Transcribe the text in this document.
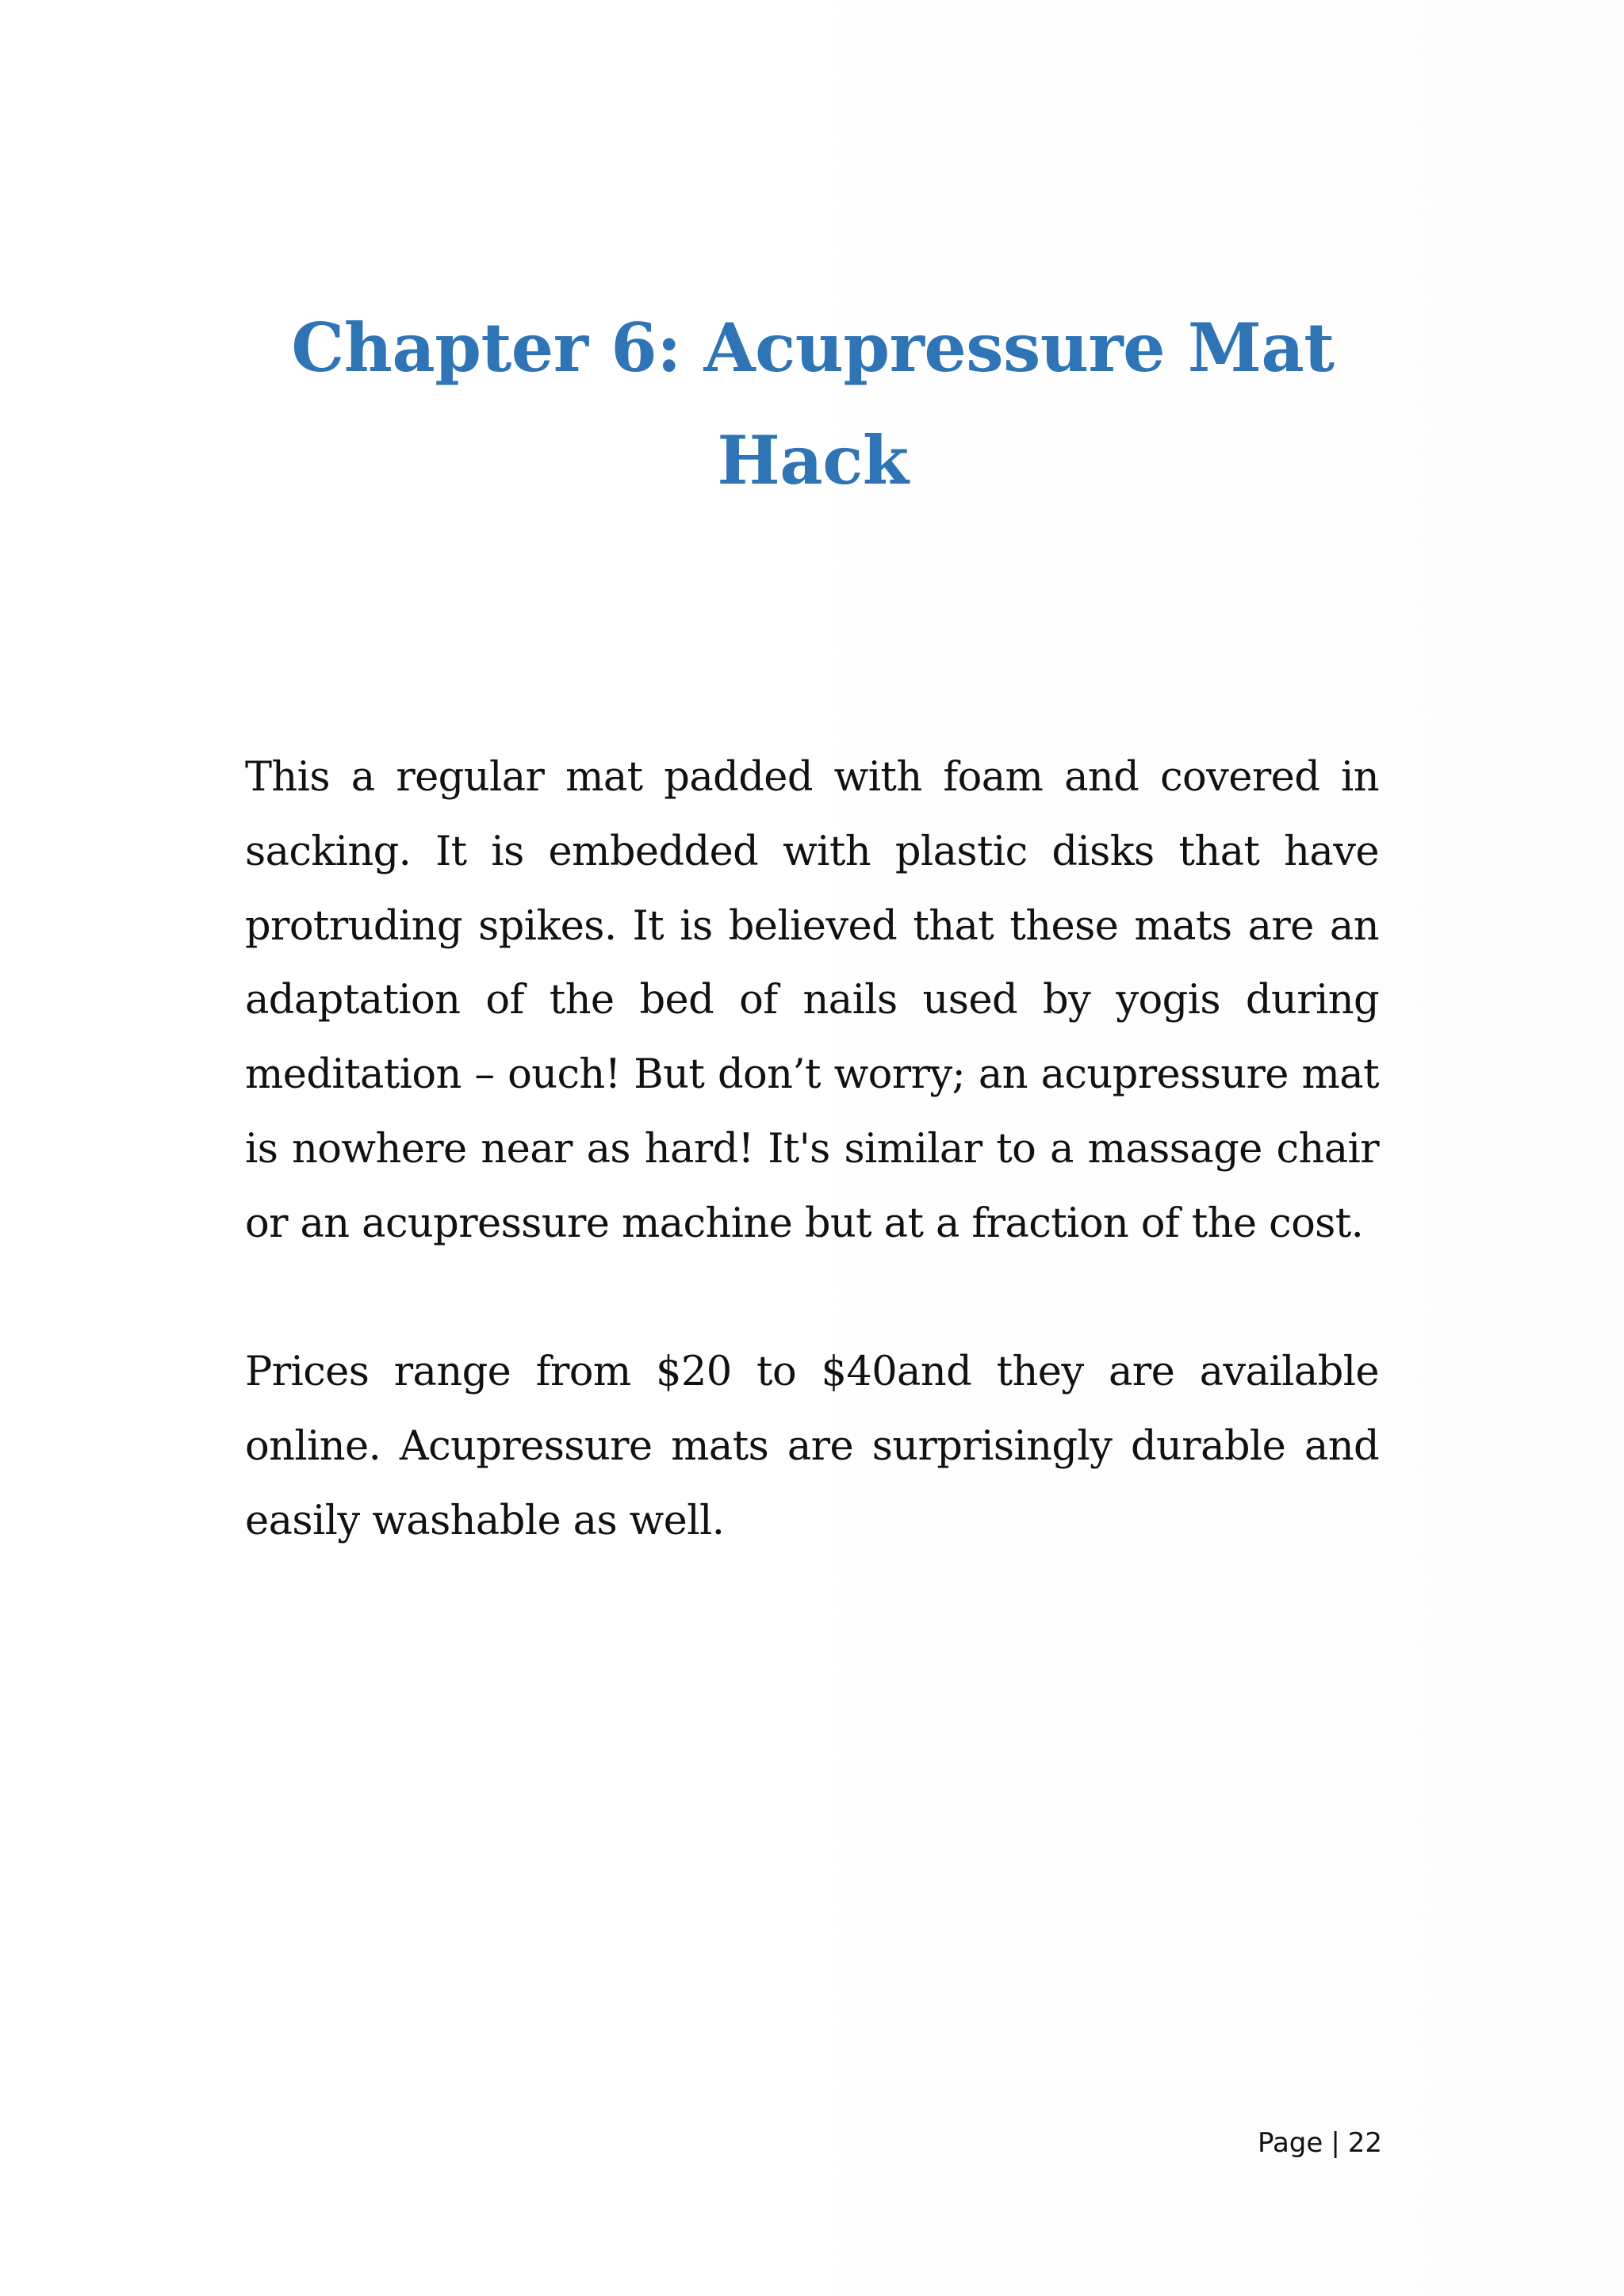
Chapter 6: Acupressure Mat Hack

This a regular mat padded with foam and covered in sacking. It is embedded with plastic disks that have protruding spikes. It is believed that these mats are an adaptation of the bed of nails used by yogis during meditation – ouch! But don’t worry; an acupressure mat is nowhere near as hard! It's similar to a massage chair or an acupressure machine but at a fraction of the cost.

Prices range from $20 to $40and they are available online. Acupressure mats are surprisingly durable and easily washable as well.

Page | 22
